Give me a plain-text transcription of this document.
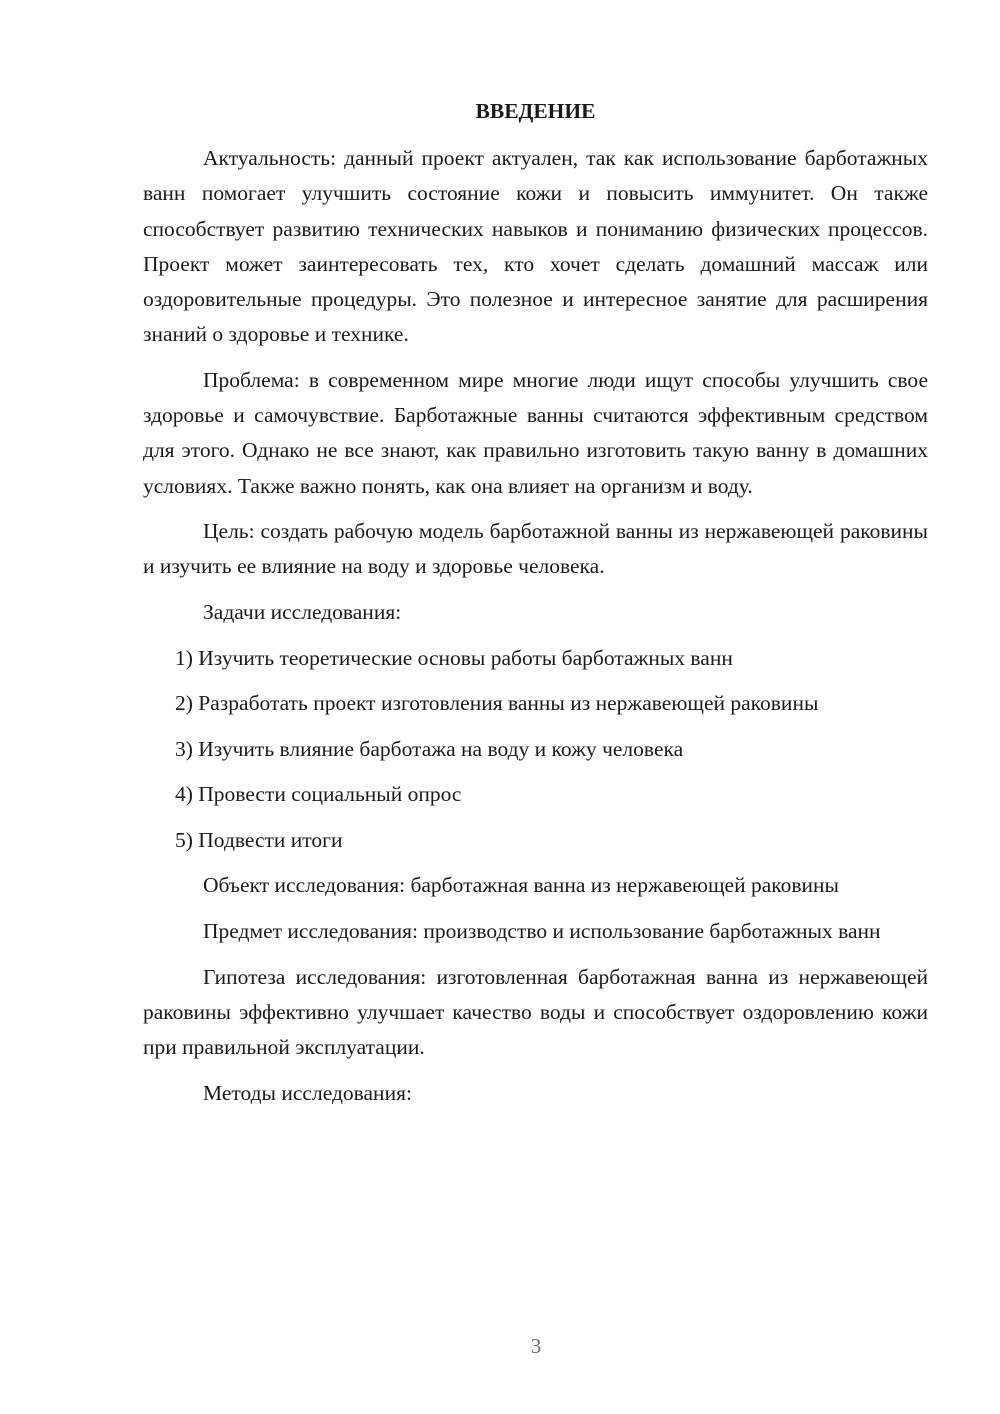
ВВЕДЕНИЕ

Актуальность: данный проект актуален, так как использование барботажных ванн помогает улучшить состояние кожи и повысить иммунитет. Он также способствует развитию технических навыков и пониманию физических процессов. Проект может заинтересовать тех, кто хочет сделать домашний массаж или оздоровительные процедуры. Это полезное и интересное занятие для расширения знаний о здоровье и технике.

Проблема: в современном мире многие люди ищут способы улучшить свое здоровье и самочувствие. Барботажные ванны считаются эффективным средством для этого. Однако не все знают, как правильно изготовить такую ванну в домашних условиях. Также важно понять, как она влияет на организм и воду.

Цель: создать рабочую модель барботажной ванны из нержавеющей раковины и изучить ее влияние на воду и здоровье человека.

Задачи исследования:

1) Изучить теоретические основы работы барботажных ванн

2) Разработать проект изготовления ванны из нержавеющей раковины

3) Изучить влияние барботажа на воду и кожу человека

4) Провести социальный опрос

5) Подвести итоги

Объект исследования: барботажная ванна из нержавеющей раковины

Предмет исследования: производство и использование барботажных ванн

Гипотеза исследования: изготовленная барботажная ванна из нержавеющей раковины эффективно улучшает качество воды и способствует оздоровлению кожи при правильной эксплуатации.

Методы исследования:

3
